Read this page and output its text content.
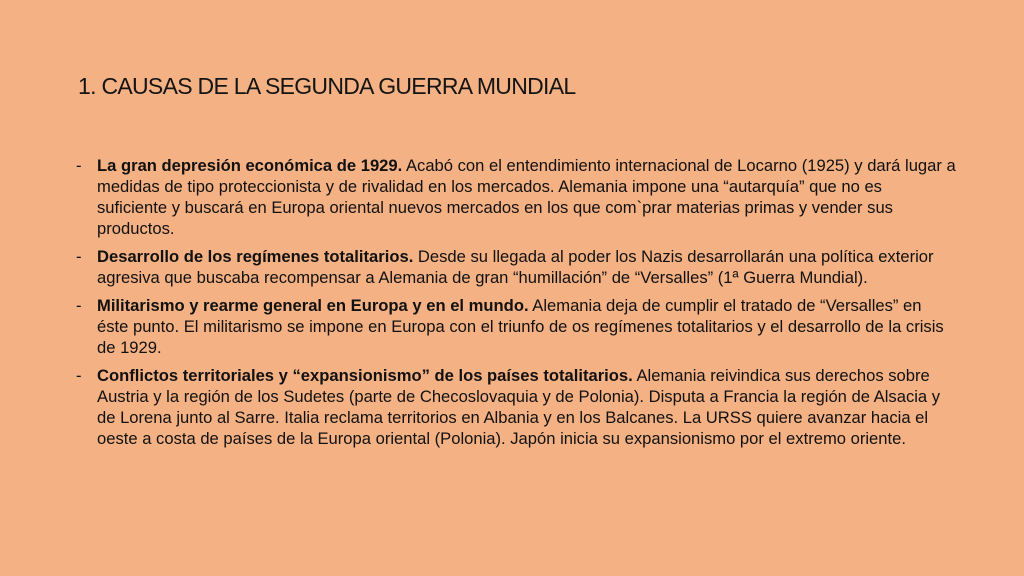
1. CAUSAS DE LA SEGUNDA GUERRA MUNDIAL
- La gran depresión económica de 1929. Acabó con el entendimiento internacional de Locarno (1925) y dará lugar a medidas de tipo proteccionista y de rivalidad en los mercados. Alemania impone una “autarquía” que no es suficiente y buscará en Europa oriental nuevos mercados en los que com`prar materias primas y vender sus productos.
- Desarrollo de los regímenes totalitarios. Desde su llegada al poder los Nazis desarrollarán una política exterior agresiva que buscaba recompensar a Alemania de gran “humillación” de “Versalles” (1ª Guerra Mundial).
- Militarismo y rearme general en Europa y en el mundo. Alemania deja de cumplir el tratado de “Versalles” en éste punto. El militarismo se impone en Europa con el triunfo de os regímenes totalitarios y el desarrollo de la crisis de 1929.
- Conflictos territoriales y “expansionismo” de los países totalitarios. Alemania reivindica sus derechos sobre Austria y la región de los Sudetes (parte de Checoslovaquia y de Polonia). Disputa a Francia la región de Alsacia y de Lorena junto al Sarre. Italia reclama territorios en Albania y en los Balcanes. La URSS quiere avanzar hacia el oeste a costa de países de la Europa oriental (Polonia). Japón inicia su expansionismo por el extremo oriente.
